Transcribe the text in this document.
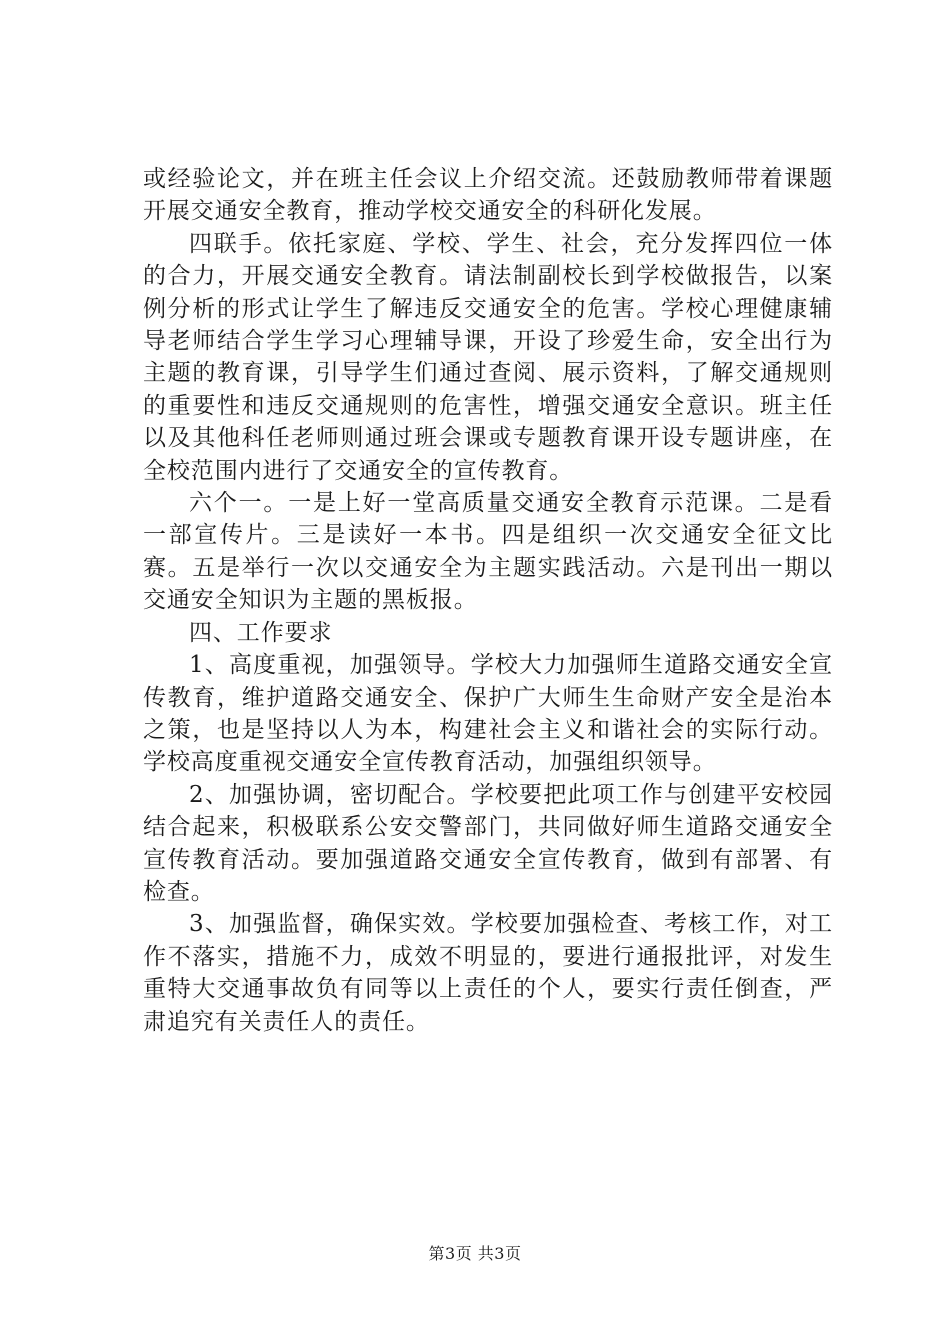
或经验论文，并在班主任会议上介绍交流。还鼓励教师带着课题开展交通安全教育，推动学校交通安全的科研化发展。

四联手。依托家庭、学校、学生、社会，充分发挥四位一体的合力，开展交通安全教育。请法制副校长到学校做报告，以案例分析的形式让学生了解违反交通安全的危害。学校心理健康辅导老师结合学生学习心理辅导课，开设了珍爱生命，安全出行为主题的教育课，引导学生们通过查阅、展示资料，了解交通规则的重要性和违反交通规则的危害性，增强交通安全意识。班主任以及其他科任老师则通过班会课或专题教育课开设专题讲座，在全校范围内进行了交通安全的宣传教育。

六个一。一是上好一堂高质量交通安全教育示范课。二是看一部宣传片。三是读好一本书。四是组织一次交通安全征文比赛。五是举行一次以交通安全为主题实践活动。六是刊出一期以交通安全知识为主题的黑板报。

四、工作要求

1、高度重视，加强领导。学校大力加强师生道路交通安全宣传教育，维护道路交通安全、保护广大师生生命财产安全是治本之策，也是坚持以人为本，构建社会主义和谐社会的实际行动。学校高度重视交通安全宣传教育活动，加强组织领导。

2、加强协调，密切配合。学校要把此项工作与创建平安校园结合起来，积极联系公安交警部门，共同做好师生道路交通安全宣传教育活动。要加强道路交通安全宣传教育，做到有部署、有检查。

3、加强监督，确保实效。学校要加强检查、考核工作，对工作不落实，措施不力，成效不明显的，要进行通报批评，对发生重特大交通事故负有同等以上责任的个人，要实行责任倒查，严肃追究有关责任人的责任。

第3页 共3页
